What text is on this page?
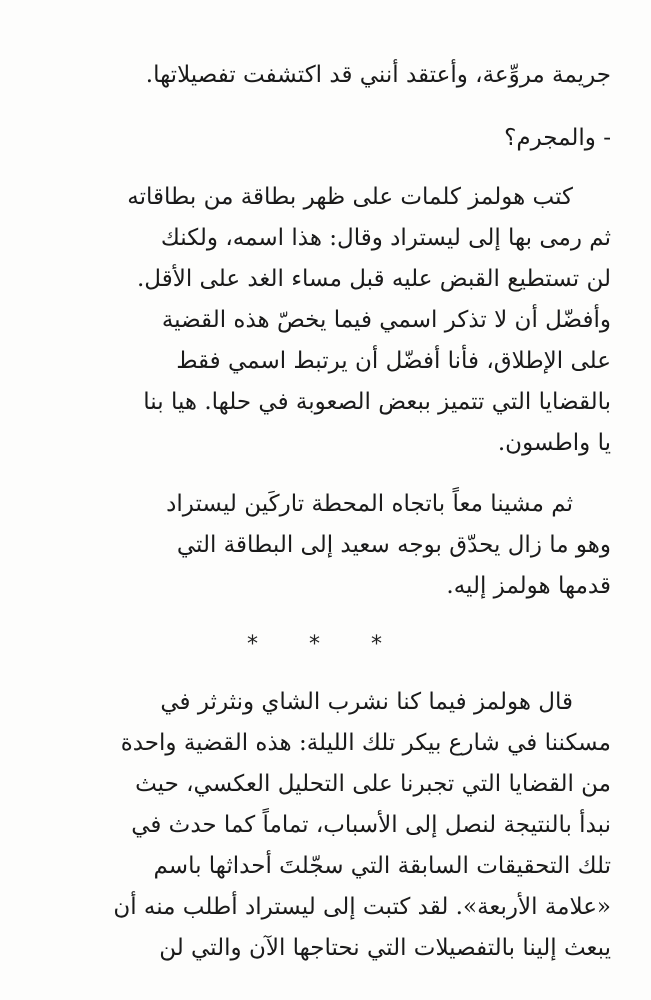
جريمة مروِّعة، وأعتقد أنني قد اكتشفت تفصيلاتها.
- والمجرم؟
كتب هولمز كلمات على ظهر بطاقة من بطاقاته
ثم رمى بها إلى ليستراد وقال: هذا اسمه، ولكنك
لن تستطيع القبض عليه قبل مساء الغد على الأقل.
وأفضّل أن لا تذكر اسمي فيما يخصّ هذه القضية
على الإطلاق، فأنا أفضّل أن يرتبط اسمي فقط
بالقضايا التي تتميز ببعض الصعوبة في حلها. هيا بنا
يا واطسون.
ثم مشينا معاً باتجاه المحطة تاركَين ليستراد
وهو ما زال يحدّق بوجه سعيد إلى البطاقة التي
قدمها هولمز إليه.
* * *
قال هولمز فيما كنا نشرب الشاي ونثرثر في
مسكننا في شارع بيكر تلك الليلة: هذه القضية واحدة
من القضايا التي تجبرنا على التحليل العكسي، حيث
نبدأ بالنتيجة لنصل إلى الأسباب، تماماً كما حدث في
تلك التحقيقات السابقة التي سجّلتَ أحداثها باسم
«علامة الأربعة». لقد كتبت إلى ليستراد أطلب منه أن
يبعث إلينا بالتفصيلات التي نحتاجها الآن والتي لن
